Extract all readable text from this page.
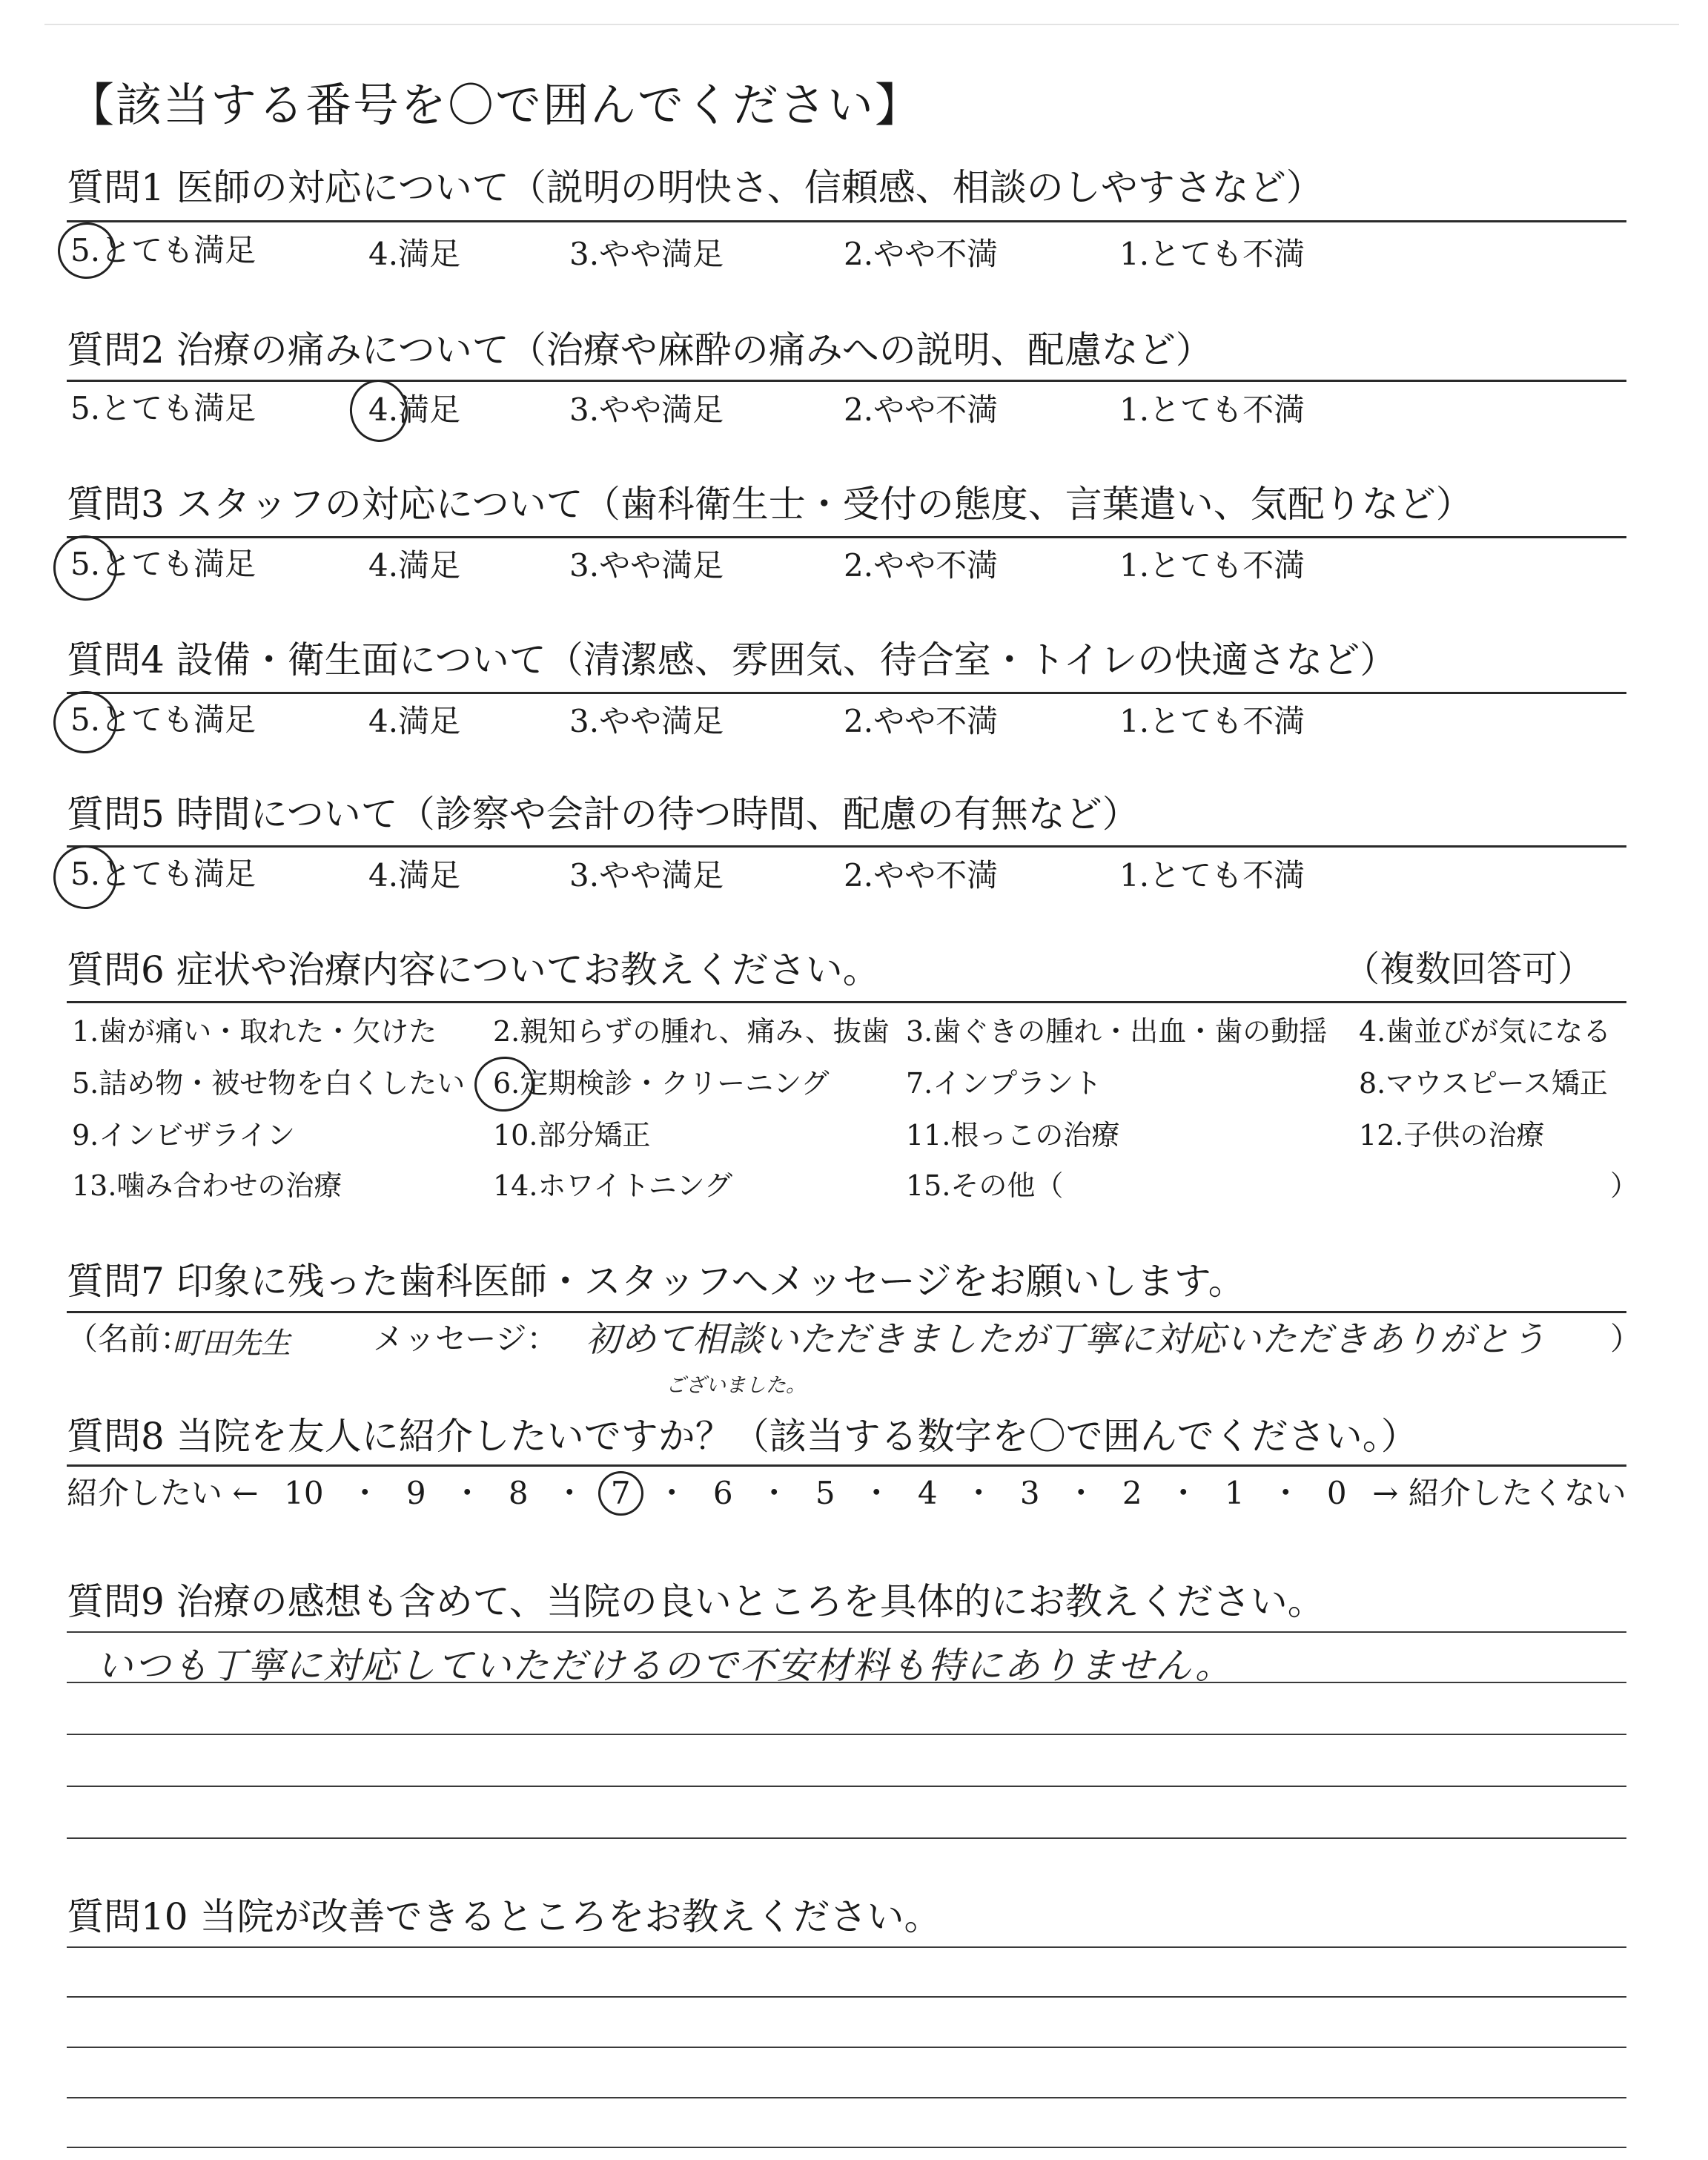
【該当する番号を〇で囲んでください】
質問1 医師の対応について（説明の明快さ、信頼感、相談のしやすさなど）
5.とても満足	4.満足	3.やや満足	2.やや不満	1.とても不満
質問2 治療の痛みについて（治療や麻酔の痛みへの説明、配慮など）
5.とても満足	4.満足	3.やや満足	2.やや不満	1.とても不満
質問3 スタッフの対応について（歯科衛生士・受付の態度、言葉遣い、気配りなど）
5.とても満足	4.満足	3.やや満足	2.やや不満	1.とても不満
質問4 設備・衛生面について（清潔感、雰囲気、待合室・トイレの快適さなど）
5.とても満足	4.満足	3.やや満足	2.やや不満	1.とても不満
質問5 時間について（診察や会計の待つ時間、配慮の有無など）
5.とても満足	4.満足	3.やや満足	2.やや不満	1.とても不満
質問6 症状や治療内容についてお教えください。	（複数回答可）
1.歯が痛い・取れた・欠けた 2.親知らずの腫れ、痛み、抜歯 3.歯ぐきの腫れ・出血・歯の動揺 4.歯並びが気になる
5.詰め物・被せ物を白くしたい 6.定期検診・クリーニング	7.インプラント	8.マウスピース矯正
9.インビザライン	10.部分矯正	11.根っこの治療	12.子供の治療
13.噛み合わせの治療	14.ホワイトニング	15.その他（	）
質問7 印象に残った歯科医師・スタッフへメッセージをお願いします。
（名前：
町田先生	メッセージ： 初めて相談いただきましたが丁寧に対応いただきありがとう
ございました。
）
質問8 当院を友人に紹介したいですか？（該当する数字を〇で囲んでください。）
紹介したい ← 10 ・ 9 ・ 8 ・ 7 ・ 6 ・ 5 ・ 4 ・ 3 ・ 2 ・ 1 ・ 0 → 紹介したくない
質問9 治療の感想も含めて、当院の良いところを具体的にお教えください。
いつも丁寧に対応していただけるので不安材料も特にありません。
質問10 当院が改善できるところをお教えください。
